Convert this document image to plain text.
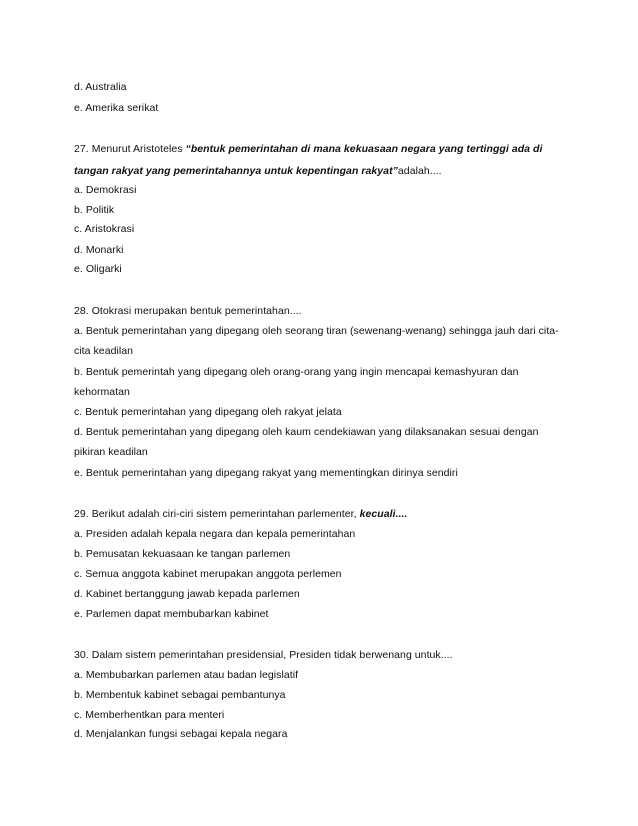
d. Australia
e. Amerika serikat
27. Menurut Aristoteles “bentuk pemerintahan di mana kekuasaan negara yang tertinggi ada di
tangan rakyat yang pemerintahannya untuk kepentingan rakyat”adalah....
a. Demokrasi
b. Politik
c. Aristokrasi
d. Monarki
e. Oligarki
28. Otokrasi merupakan bentuk pemerintahan....
a. Bentuk pemerintahan yang dipegang oleh seorang tiran (sewenang-wenang) sehingga jauh dari cita-
cita keadilan
b. Bentuk pemerintah yang dipegang oleh orang-orang yang ingin mencapai kemashyuran dan
kehormatan
c. Bentuk pemerintahan yang dipegang oleh rakyat jelata
d. Bentuk pemerintahan yang dipegang oleh kaum cendekiawan yang dilaksanakan sesuai dengan
pikiran keadilan
e. Bentuk pemerintahan yang dipegang rakyat yang mementingkan dirinya sendiri
29. Berikut adalah ciri-ciri sistem pemerintahan parlementer, kecuali....
a. Presiden adalah kepala negara dan kepala pemerintahan
b. Pemusatan kekuasaan ke tangan parlemen
c. Semua anggota kabinet merupakan anggota perlemen
d. Kabinet bertanggung jawab kepada parlemen
e. Parlemen dapat membubarkan kabinet
30. Dalam sistem pemerintahan presidensial, Presiden tidak berwenang untuk....
a. Membubarkan parlemen atau badan legislatif
b. Membentuk kabinet sebagai pembantunya
c. Memberhentkan para menteri
d. Menjalankan fungsi sebagai kepala negara
